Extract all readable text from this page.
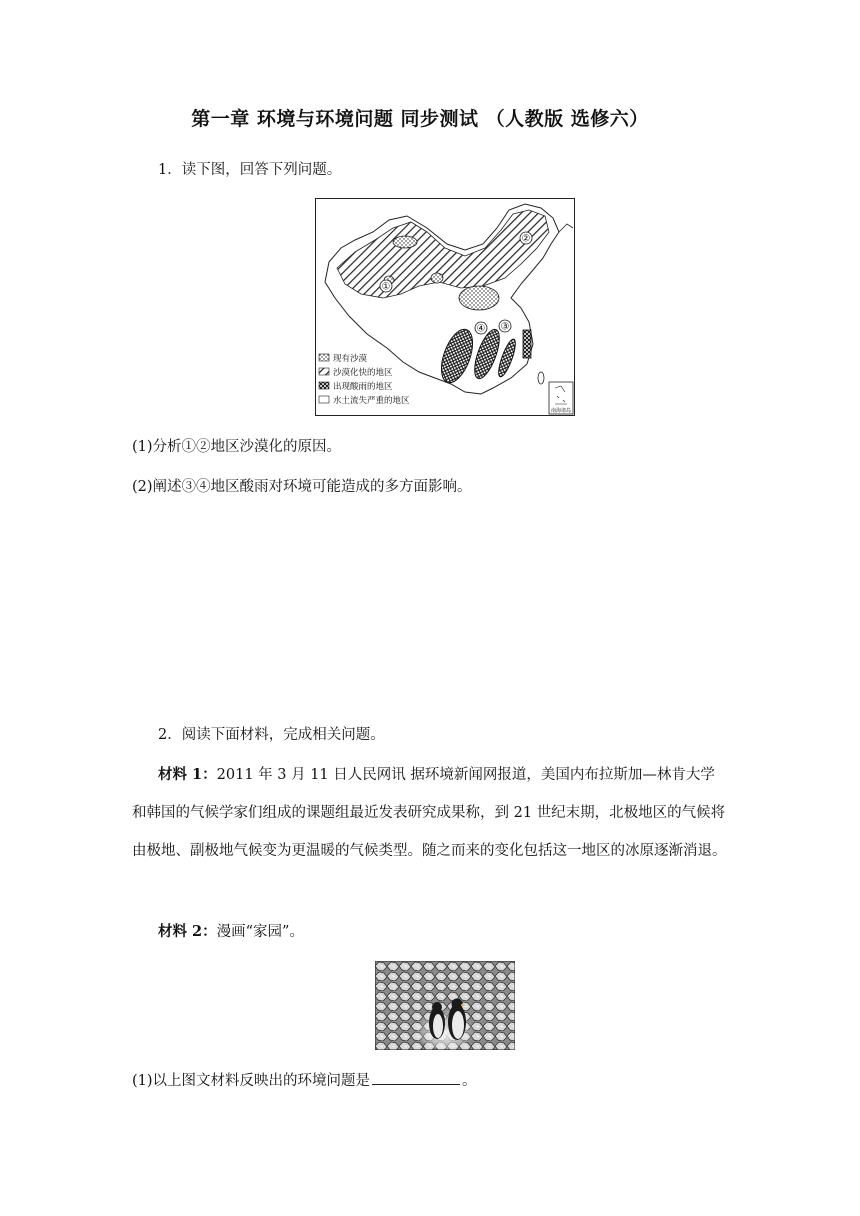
第一章 环境与环境问题 同步测试 （人教版 选修六）
1．读下图，回答下列问题。
①
②
③
④
现有沙漠
沙漠化快的地区
出现酸雨的地区
水土流失严重的地区
南海诸岛
(1)分析①②地区沙漠化的原因。
(2)阐述③④地区酸雨对环境可能造成的多方面影响。
2．阅读下面材料，完成相关问题。
材料 1：2011 年 3 月 11 日人民网讯 据环境新闻网报道，美国内布拉斯加—林肯大学和韩国的气候学家们组成的课题组最近发表研究成果称，到 21 世纪末期，北极地区的气候将由极地、副极地气候变为更温暖的气候类型。随之而来的变化包括这一地区的冰原逐渐消退。
材料 2：漫画“家园”。
(1)以上图文材料反映出的环境问题是	。
